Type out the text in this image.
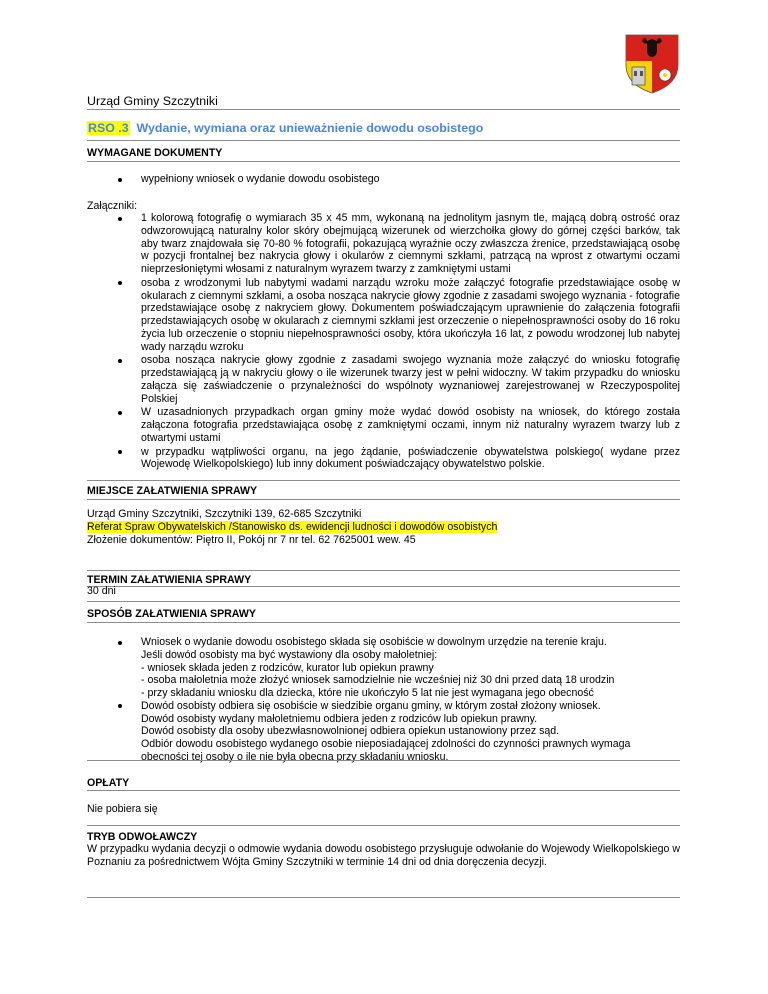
Urząd Gminy Szczytniki
RSO .3 Wydanie, wymiana oraz unieważnienie dowodu osobistego
WYMAGANE DOKUMENTY
wypełniony wniosek o wydanie dowodu osobistego
Załączniki:
1 kolorową fotografię o wymiarach 35 x 45 mm, wykonaną na jednolitym jasnym tle, mającą dobrą ostrość oraz odwzorowującą naturalny kolor skóry obejmującą wizerunek od wierzchołka głowy do górnej części barków, tak aby twarz znajdowała się 70-80 % fotografii, pokazującą wyraźnie oczy zwłaszcza źrenice, przedstawiającą osobę w pozycji frontalnej bez nakrycia głowy i okularów z ciemnymi szkłami, patrzącą na wprost z otwartymi oczami nieprzesłoniętymi włosami z naturalnym wyrazem twarzy z zamkniętymi ustami
osoba z wrodzonymi lub nabytymi wadami narządu wzroku może załączyć fotografie przedstawiające osobę w okularach z ciemnymi szkłami, a osoba nosząca nakrycie głowy zgodnie z zasadami swojego wyznania - fotografie przedstawiające osobę z nakryciem głowy. Dokumentem poświadczającym uprawnienie do załączenia fotografii przedstawiających osobę w okularach z ciemnymi szkłami jest orzeczenie o niepełnosprawności osoby do 16 roku życia lub orzeczenie o stopniu niepełnosprawności osoby, która ukończyła 16 lat, z powodu wrodzonej lub nabytej wady narządu wzroku
osoba nosząca nakrycie głowy zgodnie z zasadami swojego wyznania może załączyć do wniosku fotografię przedstawiającą ją w nakryciu głowy o ile wizerunek twarzy jest w pełni widoczny. W takim przypadku do wniosku załącza się zaświadczenie o przynależności do wspólnoty wyznaniowej zarejestrowanej w Rzeczypospolitej Polskiej
W uzasadnionych przypadkach organ gminy może wydać dowód osobisty na wniosek, do którego została załączona fotografia przedstawiająca osobę z zamkniętymi oczami, innym niż naturalny wyrazem twarzy lub z otwartymi ustami
w przypadku wątpliwości organu, na jego żądanie, poświadczenie obywatelstwa polskiego( wydane przez Wojewodę Wielkopolskiego) lub inny dokument poświadczający obywatelstwo polskie.
MIEJSCE ZAŁATWIENIA SPRAWY
Urząd Gminy Szczytniki, Szczytniki 139, 62-685 Szczytniki
Referat Spraw Obywatelskich /Stanowisko ds. ewidencji ludności i dowodów osobistych
Złożenie dokumentów: Piętro II, Pokój nr 7 nr tel. 62 7625001 wew. 45
TERMIN ZAŁATWIENIA SPRAWY
30 dni
SPOSÓB ZAŁATWIENIA SPRAWY
Wniosek o wydanie dowodu osobistego składa się osobiście w dowolnym urzędzie na terenie kraju.
Jeśli dowód osobisty ma być wystawiony dla osoby małoletniej:
- wniosek składa jeden z rodziców, kurator lub opiekun prawny
- osoba małoletnia może złożyć wniosek samodzielnie nie wcześniej niż 30 dni przed datą 18 urodzin
- przy składaniu wniosku dla dziecka, które nie ukończyło 5 lat nie jest wymagana jego obecność
Dowód osobisty odbiera się osobiście w siedzibie organu gminy, w którym został złożony wniosek.
Dowód osobisty wydany małoletniemu odbiera jeden z rodziców lub opiekun prawny.
Dowód osobisty dla osoby ubezwłasnowolnionej odbiera opiekun ustanowiony przez sąd.
Odbiór dowodu osobistego wydanego osobie nieposiadającej zdolności do czynności prawnych wymaga obecności tej osoby o ile nie była obecna przy składaniu wniosku.
OPŁATY
Nie pobiera się
TRYB ODWOŁAWCZY
W przypadku wydania decyzji o odmowie wydania dowodu osobistego przysługuje odwołanie do Wojewody Wielkopolskiego w Poznaniu za pośrednictwem Wójta Gminy Szczytniki w terminie 14 dni od dnia doręczenia decyzji.
